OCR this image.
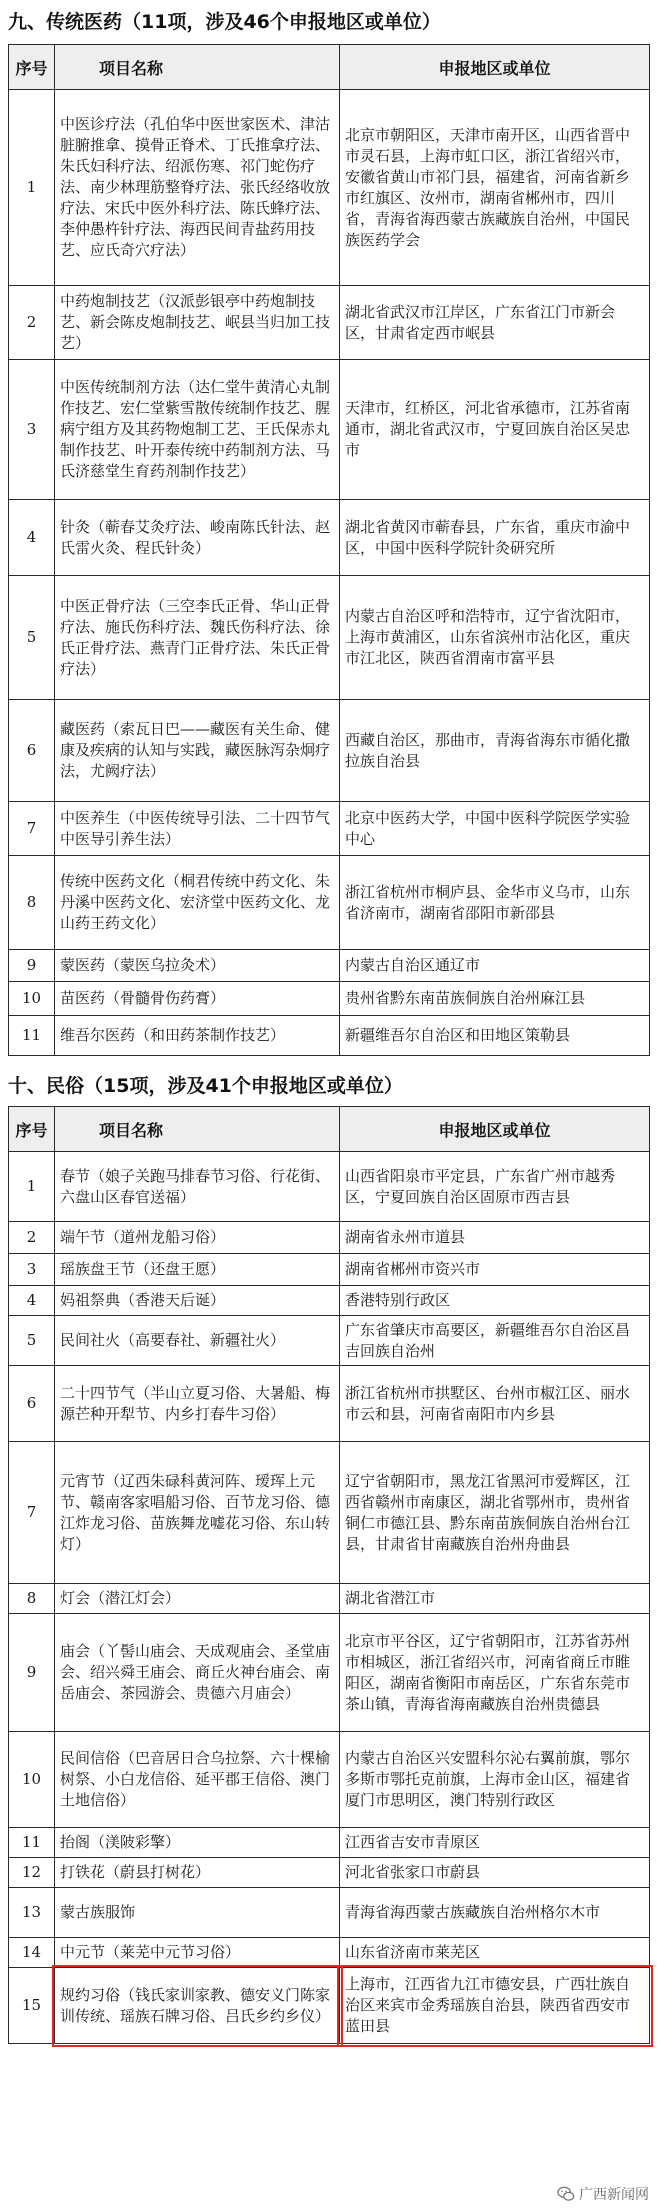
九、传统医药（11项，涉及46个申报地区或单位）
序号	项目名称	申报地区或单位
1	中医诊疗法（孔伯华中医世家医术、津沽脏腑推拿、摸骨正脊术、丁氏推拿疗法、朱氏妇科疗法、绍派伤寒、祁门蛇伤疗法、南少林理筋整脊疗法、张氏经络收放疗法、宋氏中医外科疗法、陈氏蜂疗法、李仲愚杵针疗法、海西民间青盐药用技艺、应氏奇穴疗法）	北京市朝阳区，天津市南开区，山西省晋中市灵石县，上海市虹口区，浙江省绍兴市，安徽省黄山市祁门县，福建省，河南省新乡市红旗区、汝州市，湖南省郴州市，四川省，青海省海西蒙古族藏族自治州，中国民族医药学会
2	中药炮制技艺（汉派彭银亭中药炮制技艺、新会陈皮炮制技艺、岷县当归加工技艺）	湖北省武汉市江岸区，广东省江门市新会区，甘肃省定西市岷县
3	中医传统制剂方法（达仁堂牛黄清心丸制作技艺、宏仁堂紫雪散传统制作技艺、腥病宁组方及其药物炮制工艺、王氏保赤丸制作技艺、叶开泰传统中药制剂方法、马氏济慈堂生育药剂制作技艺）	天津市，红桥区，河北省承德市，江苏省南通市，湖北省武汉市，宁夏回族自治区吴忠市
4	针灸（蕲春艾灸疗法、峻南陈氏针法、赵氏雷火灸、程氏针灸）	湖北省黄冈市蕲春县，广东省，重庆市渝中区，中国中医科学院针灸研究所
5	中医正骨疗法（三空李氏正骨、华山正骨疗法、施氏伤科疗法、魏氏伤科疗法、徐氏正骨疗法、燕青门正骨疗法、朱氏正骨疗法）	内蒙古自治区呼和浩特市，辽宁省沈阳市，上海市黄浦区，山东省滨州市沾化区，重庆市江北区，陕西省渭南市富平县
6	藏医药（索瓦日巴——藏医有关生命、健康及疾病的认知与实践，藏医脉泻杂炯疗法，尤阙疗法）	西藏自治区，那曲市，青海省海东市循化撒拉族自治县
7	中医养生（中医传统导引法、二十四节气中医导引养生法）	北京中医药大学，中国中医科学院医学实验中心
8	传统中医药文化（桐君传统中药文化、朱丹溪中医药文化、宏济堂中医药文化、龙山药王药文化）	浙江省杭州市桐庐县、金华市义乌市，山东省济南市，湖南省邵阳市新邵县
9	蒙医药（蒙医乌拉灸术）	内蒙古自治区通辽市
10	苗医药（骨髓骨伤药膏）	贵州省黔东南苗族侗族自治州麻江县
11	维吾尔医药（和田药茶制作技艺）	新疆维吾尔自治区和田地区策勒县
十、民俗（15项，涉及41个申报地区或单位）
序号	项目名称	申报地区或单位
1	春节（娘子关跑马排春节习俗、行花街、六盘山区春官送福）	山西省阳泉市平定县，广东省广州市越秀区，宁夏回族自治区固原市西吉县
2	端午节（道州龙船习俗）	湖南省永州市道县
3	瑶族盘王节（还盘王愿）	湖南省郴州市资兴市
4	妈祖祭典（香港天后诞）	香港特别行政区
5	民间社火（高要春社、新疆社火）	广东省肇庆市高要区，新疆维吾尔自治区昌吉回族自治州
6	二十四节气（半山立夏习俗、大暑船、梅源芒种开犁节、内乡打春牛习俗）	浙江省杭州市拱墅区、台州市椒江区、丽水市云和县，河南省南阳市内乡县
7	元宵节（辽西朱碌科黄河阵、瑷珲上元节、赣南客家唱船习俗、百节龙习俗、德江炸龙习俗、苗族舞龙嘘花习俗、东山转灯）	辽宁省朝阳市，黑龙江省黑河市爱辉区，江西省赣州市南康区，湖北省鄂州市，贵州省铜仁市德江县、黔东南苗族侗族自治州台江县，甘肃省甘南藏族自治州舟曲县
8	灯会（潜江灯会）	湖北省潜江市
9	庙会（丫髻山庙会、天成观庙会、圣堂庙会、绍兴舜王庙会、商丘火神台庙会、南岳庙会、茶园游会、贵德六月庙会）	北京市平谷区，辽宁省朝阳市，江苏省苏州市相城区，浙江省绍兴市，河南省商丘市睢阳区，湖南省衡阳市南岳区，广东省东莞市茶山镇，青海省海南藏族自治州贵德县
10	民间信俗（巴音居日合乌拉祭、六十棵榆树祭、小白龙信俗、延平郡王信俗、澳门土地信俗）	内蒙古自治区兴安盟科尔沁右翼前旗，鄂尔多斯市鄂托克前旗，上海市金山区，福建省厦门市思明区，澳门特别行政区
11	抬阁（渼陂彩擎）	江西省吉安市青原区
12	打铁花（蔚县打树花）	河北省张家口市蔚县
13	蒙古族服饰	青海省海西蒙古族藏族自治州格尔木市
14	中元节（莱芜中元节习俗）	山东省济南市莱芜区
15	规约习俗（钱氏家训家教、德安义门陈家训传统、瑶族石牌习俗、吕氏乡约乡仪）	上海市，江西省九江市德安县，广西壮族自治区来宾市金秀瑶族自治县，陕西省西安市蓝田县
广西新闻网
